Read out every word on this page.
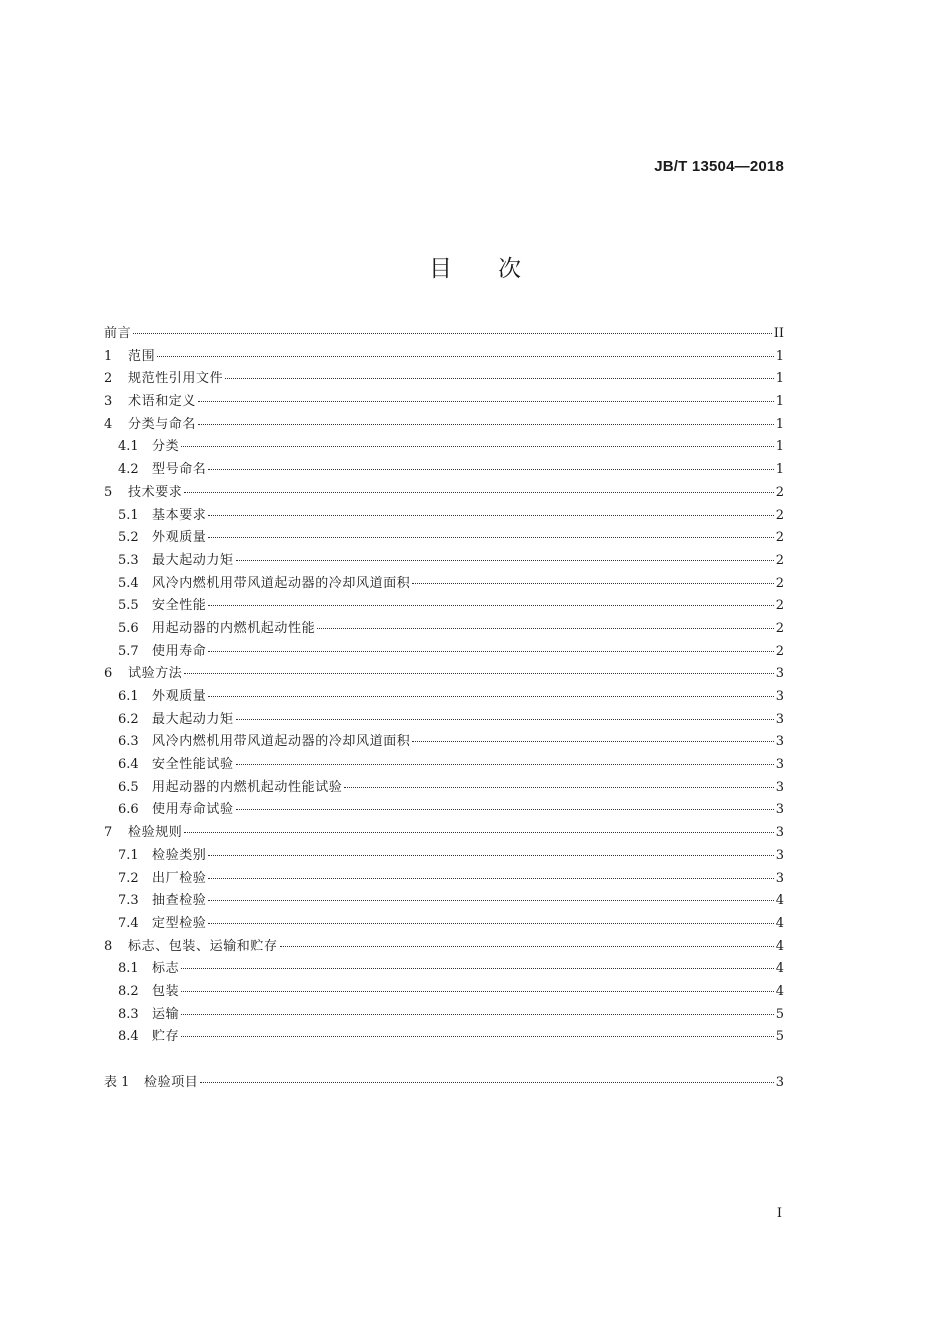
JB/T 13504—2018
目 次
前言	II
1	范围	1
2	规范性引用文件	1
3	术语和定义	1
4	分类与命名	1
4.1	分类	1
4.2	型号命名	1
5	技术要求	2
5.1	基本要求	2
5.2	外观质量	2
5.3	最大起动力矩	2
5.4	风冷内燃机用带风道起动器的冷却风道面积	2
5.5	安全性能	2
5.6	用起动器的内燃机起动性能	2
5.7	使用寿命	2
6	试验方法	3
6.1	外观质量	3
6.2	最大起动力矩	3
6.3	风冷内燃机用带风道起动器的冷却风道面积	3
6.4	安全性能试验	3
6.5	用起动器的内燃机起动性能试验	3
6.6	使用寿命试验	3
7	检验规则	3
7.1	检验类别	3
7.2	出厂检验	3
7.3	抽查检验	4
7.4	定型检验	4
8	标志、包装、运输和贮存	4
8.1	标志	4
8.2	包装	4
8.3	运输	5
8.4	贮存	5
表 1	检验项目	3
I
